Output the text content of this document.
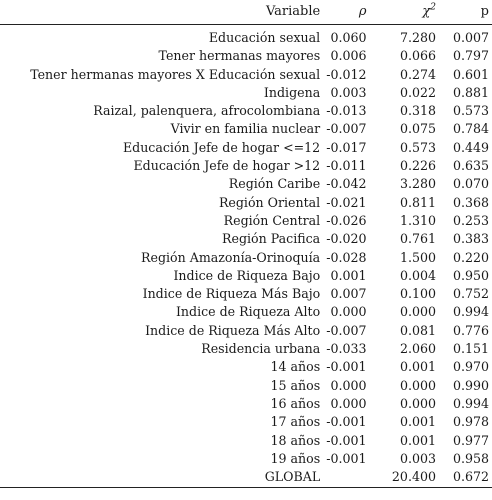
Variable	ρ	$\chi^2$	p
Educación sexual	0.060	7.280	0.007
Tener hermanas mayores	0.006	0.066	0.797
Tener hermanas mayores X Educación sexual	-0.012	0.274	0.601
Indigena	0.003	0.022	0.881
Raizal, palenquera, afrocolombiana	-0.013	0.318	0.573
Vivir en familia nuclear	-0.007	0.075	0.784
Educación Jefe de hogar <=12	-0.017	0.573	0.449
Educación Jefe de hogar >12	-0.011	0.226	0.635
Región Caribe	-0.042	3.280	0.070
Región Oriental	-0.021	0.811	0.368
Región Central	-0.026	1.310	0.253
Región Pacifica	-0.020	0.761	0.383
Región Amazonía-Orinoquía	-0.028	1.500	0.220
Indice de Riqueza Bajo	0.001	0.004	0.950
Indice de Riqueza Más Bajo	0.007	0.100	0.752
Indice de Riqueza Alto	0.000	0.000	0.994
Indice de Riqueza Más Alto	-0.007	0.081	0.776
Residencia urbana	-0.033	2.060	0.151
14 años	-0.001	0.001	0.970
15 años	0.000	0.000	0.990
16 años	0.000	0.000	0.994
17 años	-0.001	0.001	0.978
18 años	-0.001	0.001	0.977
19 años	-0.001	0.003	0.958
GLOBAL		20.400	0.672
